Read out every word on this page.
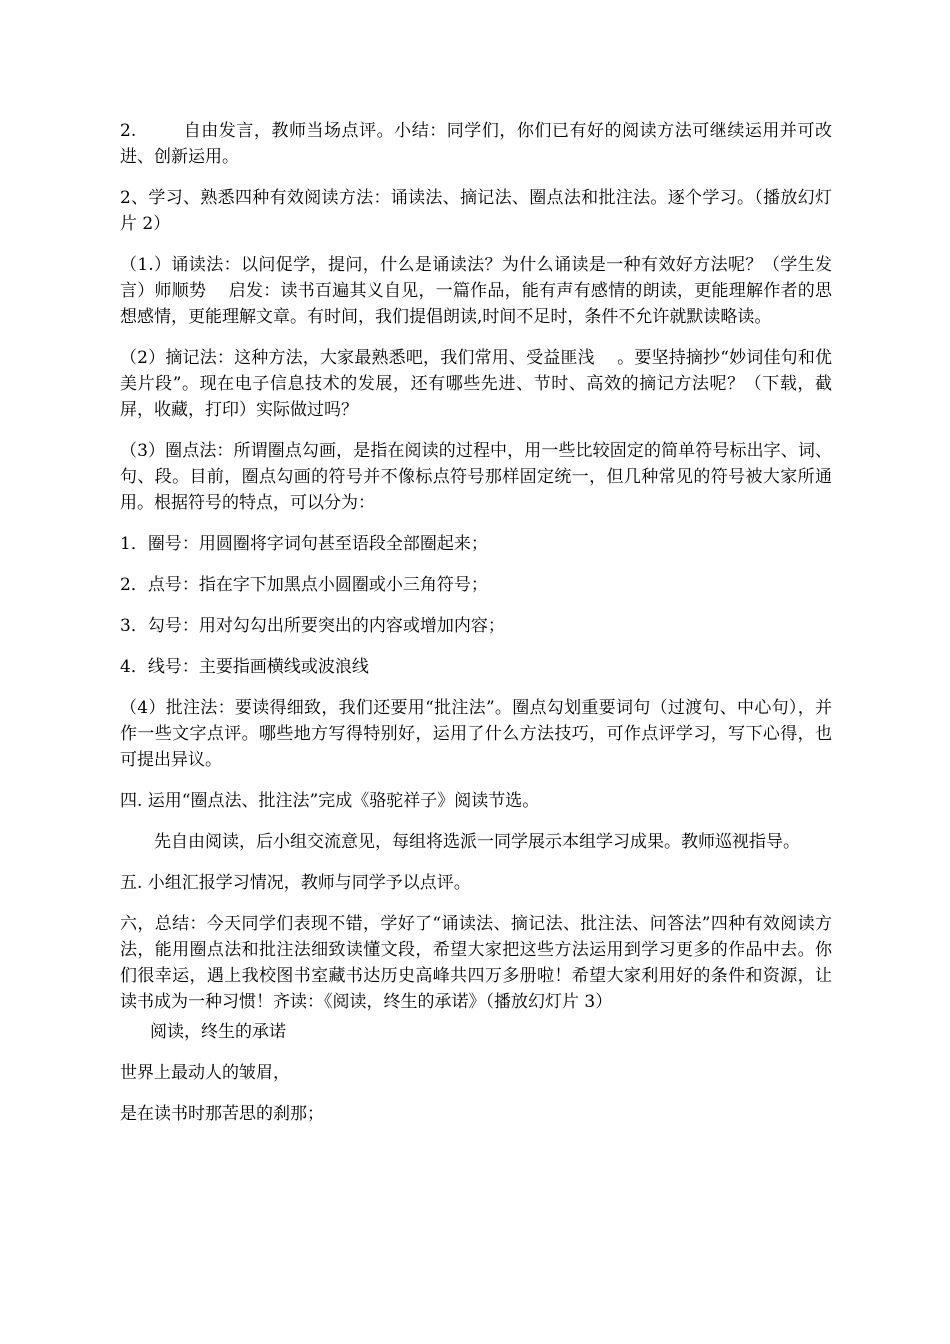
2.        自由发言，教师当场点评。小结：同学们，你们已有好的阅读方法可继续运用并可改进、创新运用。

2、学习、熟悉四种有效阅读方法：诵读法、摘记法、圈点法和批注法。逐个学习。（播放幻灯片 2）

（1.）诵读法：以问促学，提问，什么是诵读法？为什么诵读是一种有效好方法呢？（学生发言）师顺势    启发：读书百遍其义自见，一篇作品，能有声有感情的朗读，更能理解作者的思想感情，更能理解文章。有时间，我们提倡朗读,时间不足时，条件不允许就默读略读。

（2）摘记法：这种方法，大家最熟悉吧，我们常用、受益匪浅    。要坚持摘抄“妙词佳句和优美片段”。现在电子信息技术的发展，还有哪些先进、节时、高效的摘记方法呢？（下载，截屏，收藏，打印）实际做过吗？

（3）圈点法：所谓圈点勾画，是指在阅读的过程中，用一些比较固定的简单符号标出字、词、句、段。目前，圈点勾画的符号并不像标点符号那样固定统一，但几种常见的符号被大家所通用。根据符号的特点，可以分为：

1．圈号：用圆圈将字词句甚至语段全部圈起来；

2．点号：指在字下加黑点小圆圈或小三角符号；

3．勾号：用对勾勾出所要突出的内容或增加内容；

4．线号：主要指画横线或波浪线

（4）批注法：要读得细致，我们还要用“批注法”。圈点勾划重要词句（过渡句、中心句），并作一些文字点评。哪些地方写得特别好，运用了什么方法技巧，可作点评学习，写下心得，也可提出异议。

四. 运用“圈点法、批注法”完成《骆驼祥子》阅读节选。

先自由阅读，后小组交流意见，每组将选派一同学展示本组学习成果。教师巡视指导。

五. 小组汇报学习情况，教师与同学予以点评。

六，总结：今天同学们表现不错，学好了“诵读法、摘记法、批注法、问答法”四种有效阅读方法，能用圈点法和批注法细致读懂文段，希望大家把这些方法运用到学习更多的作品中去。你们很幸运，遇上我校图书室藏书达历史高峰共四万多册啦！希望大家利用好的条件和资源，让读书成为一种习惯！齐读：《阅读，终生的承诺》（播放幻灯片 3）

阅读，终生的承诺

世界上最动人的皱眉，

是在读书时那苦思的刹那；
